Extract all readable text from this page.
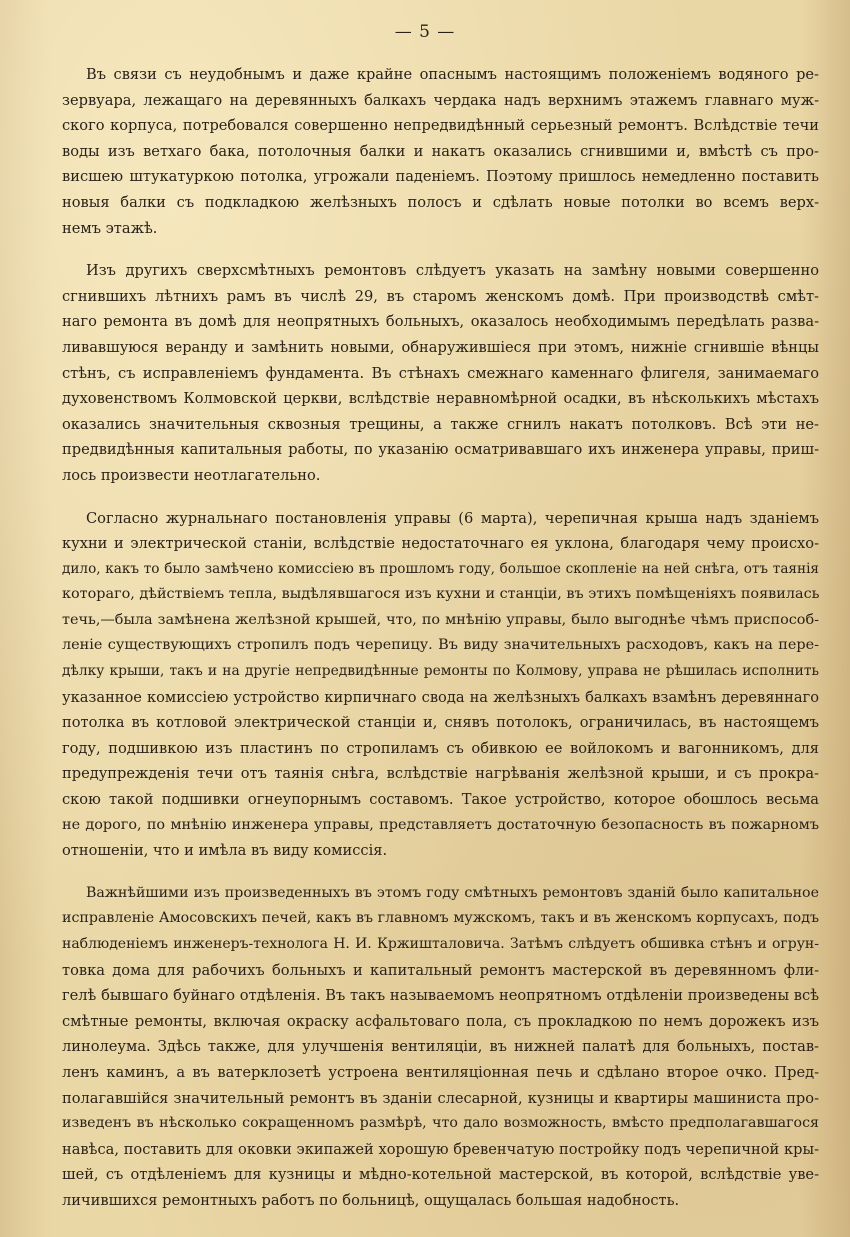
— 5 —
Въ связи съ неудобнымъ и даже крайне опаснымъ настоящимъ положенiемъ водяного ре-
зервуара, лежащаго на деревянныхъ балкахъ чердака надъ верхнимъ этажемъ главнаго муж-
ского корпуса, потребовался совершенно непредвидѣнный серьезный ремонтъ. Вслѣдствiе течи
воды изъ ветхаго бака, потолочныя балки и накатъ оказались сгнившими и, вмѣстѣ съ про-
висшею штукатуркою потолка, угрожали паденiемъ. Поэтому пришлось немедленно поставить
новыя балки съ подкладкою желѣзныхъ полосъ и сдѣлать новые потолки во всемъ верх-
немъ этажѣ.
Изъ другихъ сверхсмѣтныхъ ремонтовъ слѣдуетъ указать на замѣну новыми совершенно
сгнившихъ лѣтнихъ рамъ въ числѣ 29, въ старомъ женскомъ домѣ. При производствѣ смѣт-
наго ремонта въ домѣ для неопрятныхъ больныхъ, оказалось необходимымъ передѣлать разва-
ливавшуюся веранду и замѣнить новыми, обнаружившiеся при этомъ, нижнiе сгнившiе вѣнцы
стѣнъ, съ исправленiемъ фундамента. Въ стѣнахъ смежнаго каменнаго флигеля, занимаемаго
духовенствомъ Колмовской церкви, вслѣдствiе неравномѣрной осадки, въ нѣсколькихъ мѣстахъ
оказались значительныя сквозныя трещины, а также сгнилъ накатъ потолковъ. Всѣ эти не-
предвидѣнныя капитальныя работы, по указанiю осматривавшаго ихъ инженера управы, приш-
лось произвести неотлагательно.
Согласно журнальнаго постановленiя управы (6 марта), черепичная крыша надъ зданiемъ
кухни и электрической станiи, вслѣдствiе недостаточнаго ея уклона, благодаря чему происхо-
дило, какъ то было замѣчено комиссiею въ прошломъ году, большое скопленiе на ней снѣга, отъ таянiя
котораго, дѣйствiемъ тепла, выдѣлявшагося изъ кухни и станцiи, въ этихъ помѣщенiяхъ появилась
течь,—была замѣнена желѣзной крышей, что, по мнѣнiю управы, было выгоднѣе чѣмъ приспособ-
ленiе существующихъ стропилъ подъ черепицу. Въ виду значительныхъ расходовъ, какъ на пере-
дѣлку крыши, такъ и на другiе непредвидѣнные ремонты по Колмову, управа не рѣшилась исполнить
указанное комиссiею устройство кирпичнаго свода на желѣзныхъ балкахъ взамѣнъ деревяннаго
потолка въ котловой электрической станцiи и, снявъ потолокъ, ограничилась, въ настоящемъ
году, подшивкою изъ пластинъ по стропиламъ съ обивкою ее войлокомъ и вагонникомъ, для
предупрежденiя течи отъ таянiя снѣга, вслѣдствiе нагрѣванiя желѣзной крыши, и съ прокра-
скою такой подшивки огнеупорнымъ составомъ. Такое устройство, которое обошлось весьма
не дорого, по мнѣнiю инженера управы, представляетъ достаточную безопасность въ пожарномъ
отношенiи, что и имѣла въ виду комиссiя.
Важнѣйшими изъ произведенныхъ въ этомъ году смѣтныхъ ремонтовъ зданiй было капитальное
исправленiе Амосовскихъ печей, какъ въ главномъ мужскомъ, такъ и въ женскомъ корпусахъ, подъ
наблюденiемъ инженеръ-технолога Н. И. Кржишталовича. Затѣмъ слѣдуетъ обшивка стѣнъ и огрун-
товка дома для рабочихъ больныхъ и капитальный ремонтъ мастерской въ деревянномъ фли-
гелѣ бывшаго буйнаго отдѣленiя. Въ такъ называемомъ неопрятномъ отдѣленiи произведены всѣ
смѣтные ремонты, включая окраску асфальтоваго пола, съ прокладкою по немъ дорожекъ изъ
линолеума. Здѣсь также, для улучшенiя вентиляцiи, въ нижней палатѣ для больныхъ, постав-
ленъ каминъ, а въ ватерклозетѣ устроена вентиляцiонная печь и сдѣлано второе очко. Пред-
полагавшiйся значительный ремонтъ въ зданiи слесарной, кузницы и квартиры машиниста про-
изведенъ въ нѣсколько сокращенномъ размѣрѣ, что дало возможность, вмѣсто предполагавшагося
навѣса, поставить для оковки экипажей хорошую бревенчатую постройку подъ черепичной кры-
шей, съ отдѣленiемъ для кузницы и мѣдно-котельной мастерской, въ которой, вслѣдствiе уве-
личившихся ремонтныхъ работъ по больницѣ, ощущалась большая надобность.
